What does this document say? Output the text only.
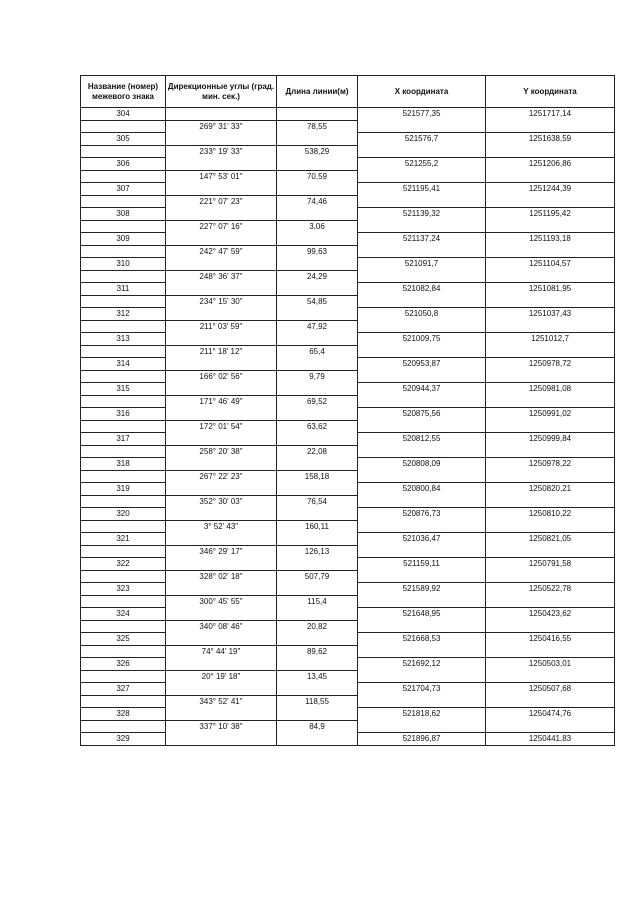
Название (номер) межевого знака	Дирекционные углы (град. мин. сек.)	Длина линии(м)	X координата	Y координата
304			521577,35	1251717,14
	269° 31' 33"	78,55		
305			521576,7	1251638,59
	233° 19' 33"	538,29		
306			521255,2	1251206,86
	147° 53' 01"	70,59		
307			521195,41	1251244,39
	221° 07' 23"	74,46		
308			521139,32	1251195,42
	227° 07' 16"	3,06		
309			521137,24	1251193,18
	242° 47' 59"	99,63		
310			521091,7	1251104,57
	248° 36' 37"	24,29		
311			521082,84	1251081,95
	234° 15' 30"	54,85		
312			521050,8	1251037,43
	211° 03' 59"	47,92		
313			521009,75	1251012,7
	211° 18' 12"	65,4		
314			520953,87	1250978,72
	166° 02' 56"	9,79		
315			520944,37	1250981,08
	171° 46' 49"	69,52		
316			520875,56	1250991,02
	172° 01' 54"	63,62		
317			520812,55	1250999,84
	258° 20' 38"	22,08		
318			520808,09	1250978,22
	267° 22' 23"	158,18		
319			520800,84	1250820,21
	352° 30' 03"	76,54		
320			520876,73	1250810,22
	3° 52' 43"	160,11		
321			521036,47	1250821,05
	346° 29' 17"	126,13		
322			521159,11	1250791,58
	328° 02' 18"	507,79		
323			521589,92	1250522,78
	300° 45' 55"	115,4		
324			521648,95	1250423,62
	340° 08' 46"	20,82		
325			521668,53	1250416,55
	74° 44' 19"	89,62		
326			521692,12	1250503,01
	20° 19' 18"	13,45		
327			521704,73	1250507,68
	343° 52' 41"	118,55		
328			521818,62	1250474,76
	337° 10' 38"	84,9		
329			521896,87	1250441,83
